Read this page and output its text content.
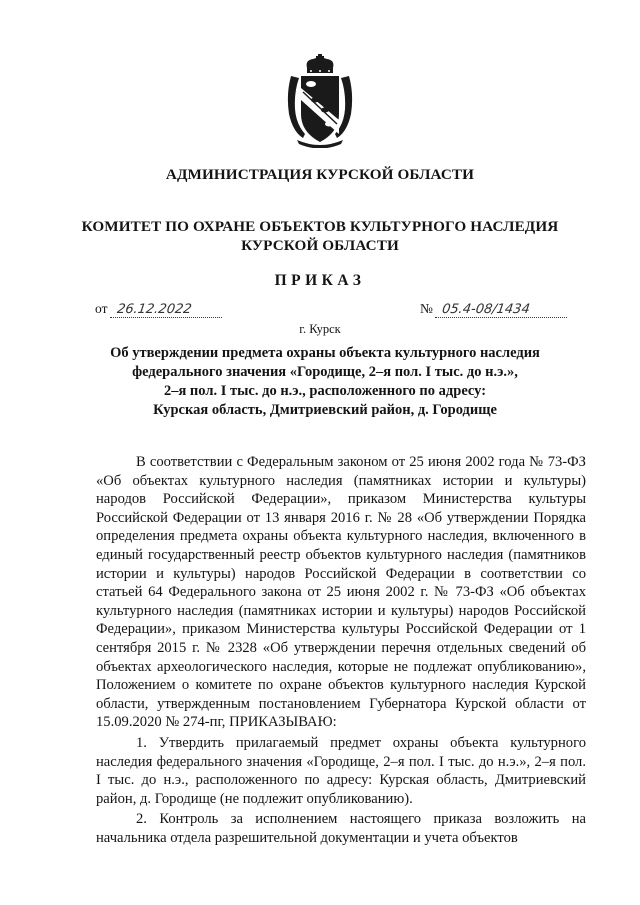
АДМИНИСТРАЦИЯ КУРСКОЙ ОБЛАСТИ
КОМИТЕТ ПО ОХРАНЕ ОБЪЕКТОВ КУЛЬТУРНОГО НАСЛЕДИЯ
КУРСКОЙ ОБЛАСТИ
ПРИКАЗ
от 26.12.2022	№ 05.4-08/1434
г. Курск
Об утверждении предмета охраны объекта культурного наследия
федерального значения «Городище, 2–я пол. I тыс. до н.э.»,
2–я пол. I тыс. до н.э., расположенного по адресу:
Курская область, Дмитриевский район, д. Городище

В соответствии с Федеральным законом от 25 июня 2002 года № 73-ФЗ «Об объектах культурного наследия (памятниках истории и культуры) народов Российской Федерации», приказом Министерства культуры Российской Федерации от 13 января 2016 г. № 28 «Об утверждении Порядка определения предмета охраны объекта культурного наследия, включенного в единый государственный реестр объектов культурного наследия (памятников истории и культуры) народов Российской Федерации в соответствии со статьей 64 Федерального закона от 25 июня 2002 г. № 73-ФЗ «Об объектах культурного наследия (памятниках истории и культуры) народов Российской Федерации», приказом Министерства культуры Российской Федерации от 1 сентября 2015 г. № 2328 «Об утверждении перечня отдельных сведений об объектах археологического наследия, которые не подлежат опубликованию», Положением о комитете по охране объектов культурного наследия Курской области, утвержденным постановлением Губернатора Курской области от 15.09.2020 № 274-пг, ПРИКАЗЫВАЮ:

1. Утвердить прилагаемый предмет охраны объекта культурного наследия федерального значения «Городище, 2–я пол. I тыс. до н.э.», 2–я пол. I тыс. до н.э., расположенного по адресу: Курская область, Дмитриевский район, д. Городище (не подлежит опубликованию).

2. Контроль за исполнением настоящего приказа возложить на начальника отдела разрешительной документации и учета объектов
